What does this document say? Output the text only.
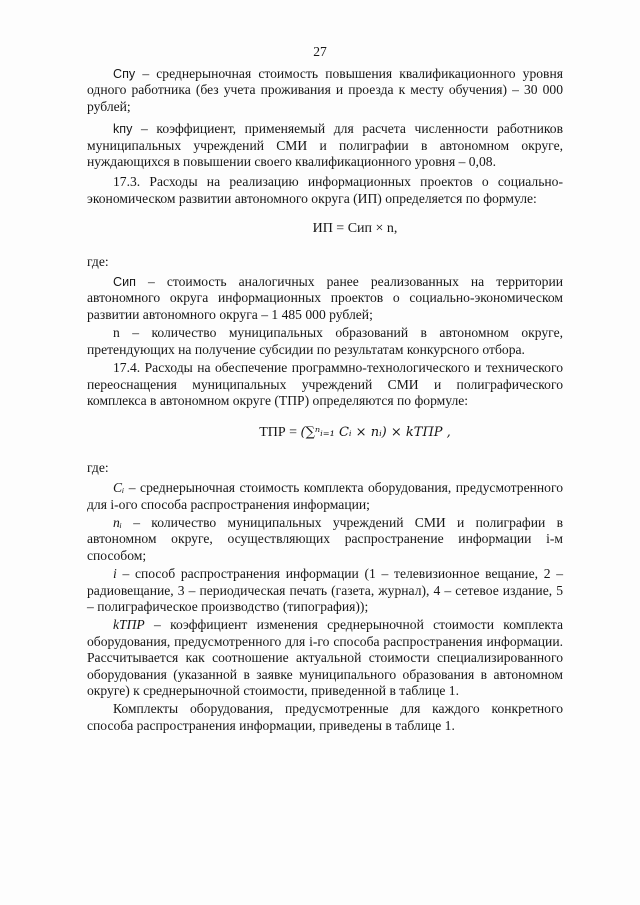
27

Спу – среднерыночная стоимость повышения квалификационного уровня одного работника (без учета проживания и проезда к месту обучения) – 30 000 рублей;

kпу – коэффициент, применяемый для расчета численности работников муниципальных учреждений СМИ и полиграфии в автономном округе, нуждающихся в повышении своего квалификационного уровня – 0,08.

17.3. Расходы на реализацию информационных проектов о социально-экономическом развитии автономного округа (ИП) определяется по формуле:

ИП = Сип × n,

где:

Сип – стоимость аналогичных ранее реализованных на территории автономного округа информационных проектов о социально-экономическом развитии автономного округа – 1 485 000 рублей;

n – количество муниципальных образований в автономном округе, претендующих на получение субсидии по результатам конкурсного отбора.

17.4. Расходы на обеспечение программно-технологического и технического переоснащения муниципальных учреждений СМИ и полиграфического комплекса в автономном округе (ТПР) определяются по формуле:

ТПР = (∑ⁿᵢ₌₁ Cᵢ × nᵢ) × kТПР ,

где:

Cᵢ – среднерыночная стоимость комплекта оборудования, предусмотренного для i-ого способа распространения информации;

nᵢ – количество муниципальных учреждений СМИ и полиграфии в автономном округе, осуществляющих распространение информации i-м способом;

i – способ распространения информации (1 – телевизионное вещание, 2 – радиовещание, 3 – периодическая печать (газета, журнал), 4 – сетевое издание, 5 – полиграфическое производство (типография));

kТПР – коэффициент изменения среднерыночной стоимости комплекта оборудования, предусмотренного для i-го способа распространения информации. Рассчитывается как соотношение актуальной стоимости специализированного оборудования (указанной в заявке муниципального образования в автономном округе) к среднерыночной стоимости, приведенной в таблице 1.

Комплекты оборудования, предусмотренные для каждого конкретного способа распространения информации, приведены в таблице 1.
